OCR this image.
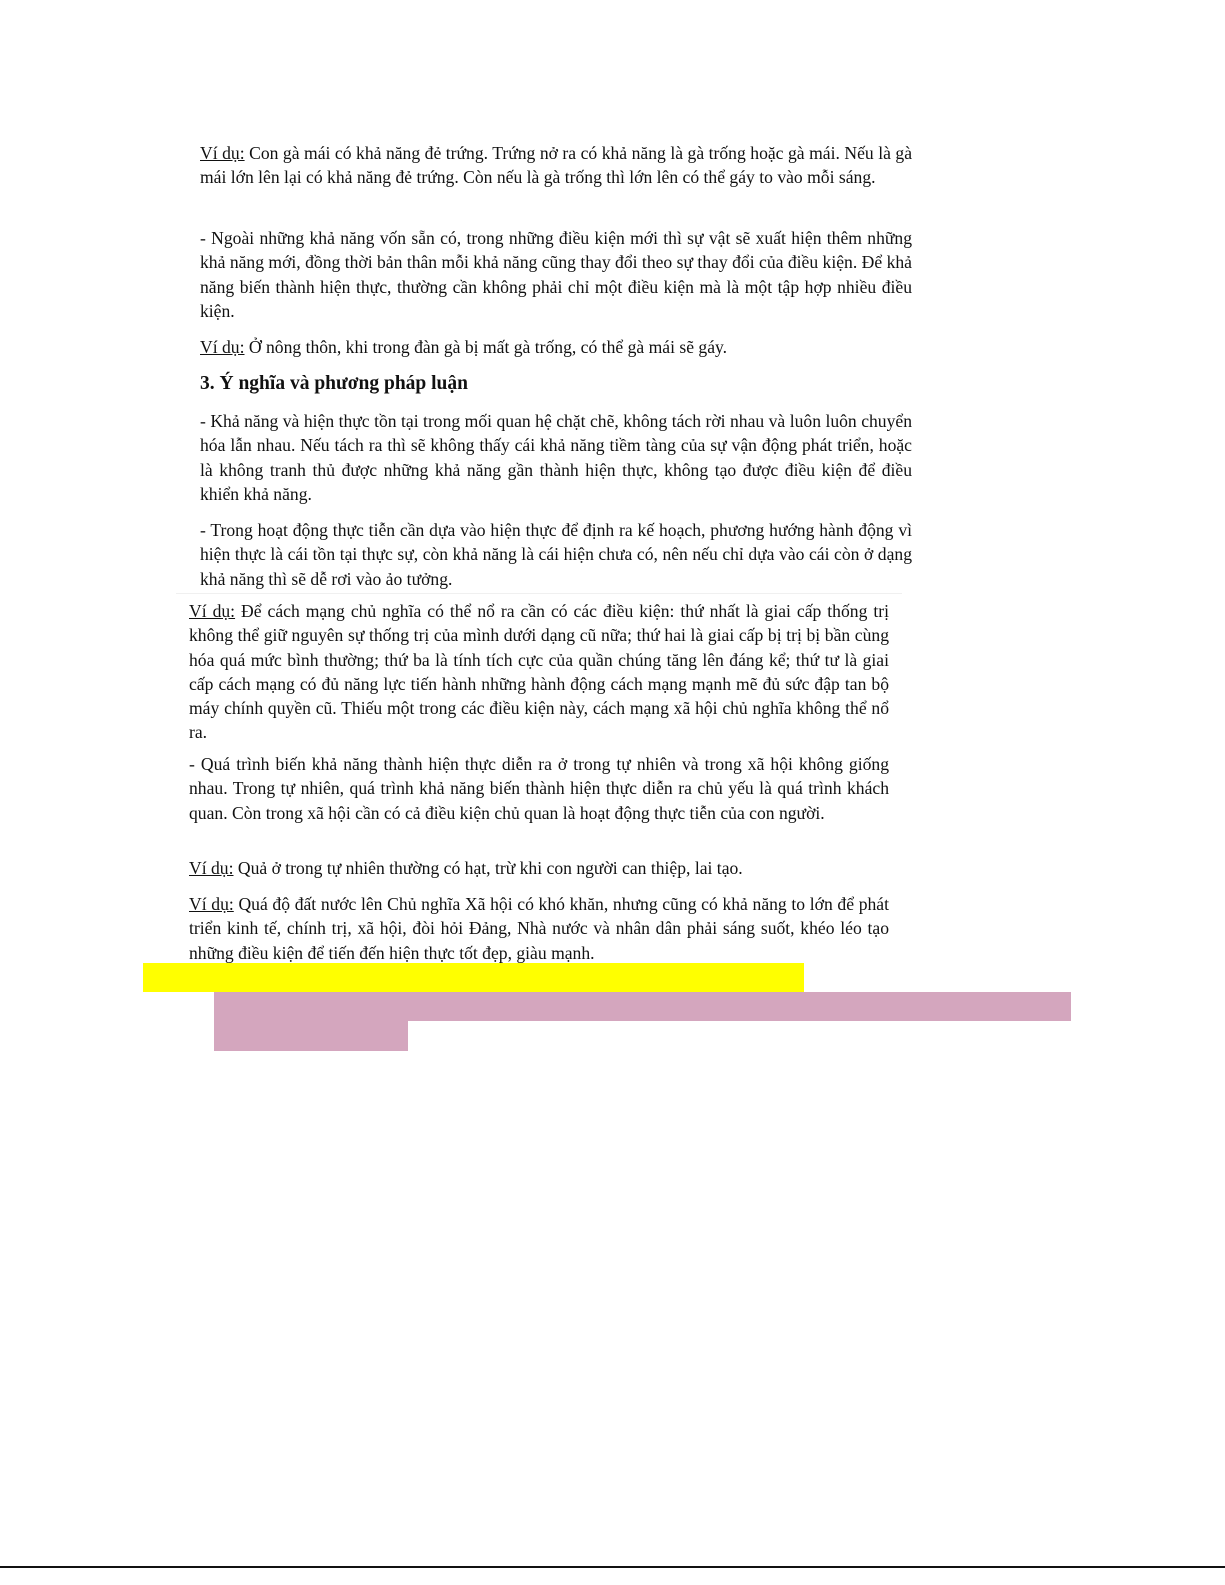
Ví dụ: Con gà mái có khả năng đẻ trứng. Trứng nở ra có khả năng là gà trống hoặc gà mái. Nếu là gà mái lớn lên lại có khả năng đẻ trứng. Còn nếu là gà trống thì lớn lên có thể gáy to vào mỗi sáng.

- Ngoài những khả năng vốn sẵn có, trong những điều kiện mới thì sự vật sẽ xuất hiện thêm những khả năng mới, đồng thời bản thân mỗi khả năng cũng thay đổi theo sự thay đổi của điều kiện. Để khả năng biến thành hiện thực, thường cần không phải chỉ một điều kiện mà là một tập hợp nhiều điều kiện.

Ví dụ: Ở nông thôn, khi trong đàn gà bị mất gà trống, có thể gà mái sẽ gáy.

3. Ý nghĩa và phương pháp luận

- Khả năng và hiện thực tồn tại trong mối quan hệ chặt chẽ, không tách rời nhau và luôn luôn chuyển hóa lẫn nhau. Nếu tách ra thì sẽ không thấy cái khả năng tiềm tàng của sự vận động phát triển, hoặc là không tranh thủ được những khả năng gần thành hiện thực, không tạo được điều kiện để điều khiển khả năng.

- Trong hoạt động thực tiễn cần dựa vào hiện thực để định ra kế hoạch, phương hướng hành động vì hiện thực là cái tồn tại thực sự, còn khả năng là cái hiện chưa có, nên nếu chỉ dựa vào cái còn ở dạng khả năng thì sẽ dễ rơi vào ảo tưởng.

Ví dụ: Để cách mạng chủ nghĩa có thể nổ ra cần có các điều kiện: thứ nhất là giai cấp thống trị không thể giữ nguyên sự thống trị của mình dưới dạng cũ nữa; thứ hai là giai cấp bị trị bị bần cùng hóa quá mức bình thường; thứ ba là tính tích cực của quần chúng tăng lên đáng kể; thứ tư là giai cấp cách mạng có đủ năng lực tiến hành những hành động cách mạng mạnh mẽ đủ sức đập tan bộ máy chính quyền cũ. Thiếu một trong các điều kiện này, cách mạng xã hội chủ nghĩa không thể nổ ra.

- Quá trình biến khả năng thành hiện thực diễn ra ở trong tự nhiên và trong xã hội không giống nhau. Trong tự nhiên, quá trình khả năng biến thành hiện thực diễn ra chủ yếu là quá trình khách quan. Còn trong xã hội cần có cả điều kiện chủ quan là hoạt động thực tiễn của con người.

Ví dụ: Quả ở trong tự nhiên thường có hạt, trừ khi con người can thiệp, lai tạo.

Ví dụ: Quá độ đất nước lên Chủ nghĩa Xã hội có khó khăn, nhưng cũng có khả năng to lớn để phát triển kinh tế, chính trị, xã hội, đòi hỏi Đảng, Nhà nước và nhân dân phải sáng suốt, khéo léo tạo những điều kiện để tiến đến hiện thực tốt đẹp, giàu mạnh.
